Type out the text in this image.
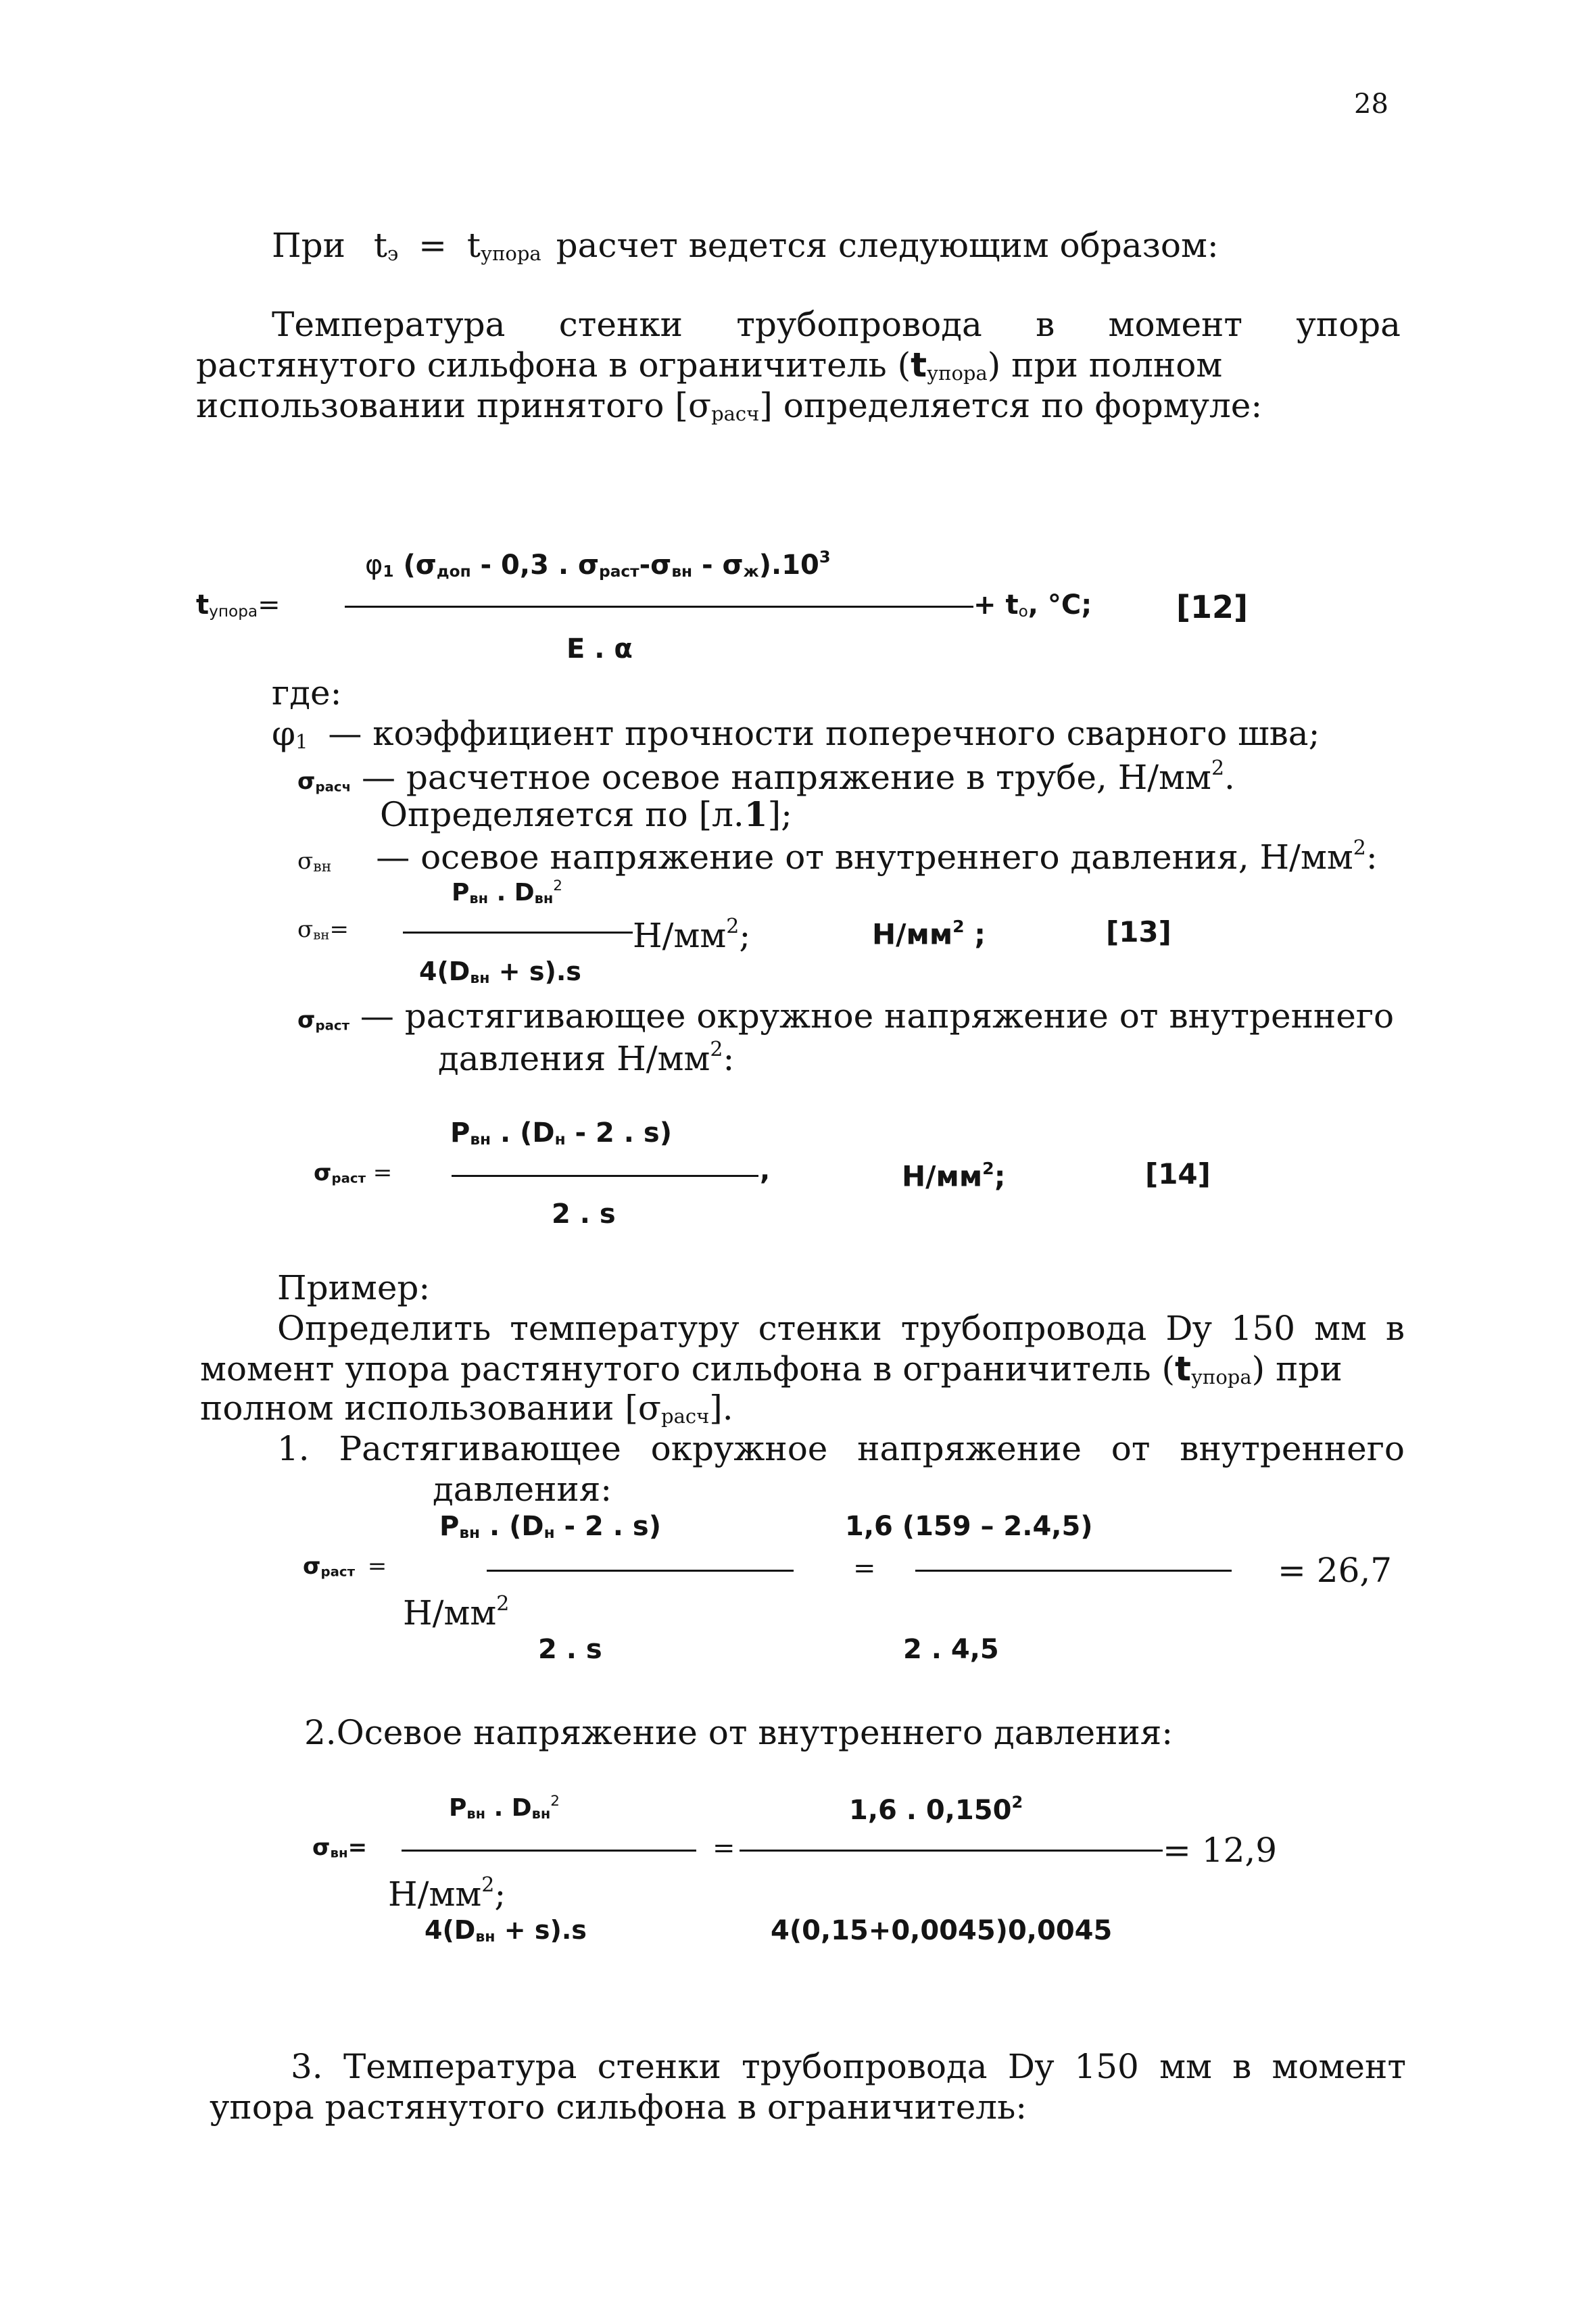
28
При tэ = tупора расчет ведется следующим образом:
Температура стенки трубопровода в момент упора
растянутого сильфона в ограничитель (tупора) при полном
использовании принятого [σрасч] определяется по формуле:
φ1 (σдоп - 0,3 . σраст-σвн - $\sigma ж).10^3$
tупора=	+ tо, °C;	[12]
E . α
где:
φ1 — коэффициент прочности поперечного сварного шва;
σрасч — расчетное осевое напряжение в трубе, $Н/мм^2$.
Определяется по [л.1];
σвн — осевое напряжение от внутреннего давления, $Н/мм^2$:
Pвн . Dвн$^2$
σвн=	$Н/мм^2$;	$Н/мм^2$ ;	[13]
4(Dвн + s).s
σраст — растягивающее окружное напряжение от внутреннего
давления $Н/мм^2$:
Pвн . (Dн - 2 . s)
σраст =	,	$Н/мм^2$;	[14]
2 . s
Пример:
Определить температуру стенки трубопровода Dy 150 мм в
момент упора растянутого сильфона в ограничитель (tупора) при
полном использовании [σрасч].
1. Растягивающее окружное напряжение от внутреннего
давления:
Pвн . (Dн - 2 . s)	1,6 (159 – 2.4,5)
σраст =	=	= 26,7
$Н/мм^2$
2 . s	2 . 4,5
2.Осевое напряжение от внутреннего давления:
Pвн . Dвн$^2$	1,6 . 0,150$^2$
σвн=	=	= 12,9
$Н/мм^2$;
4(Dвн + s).s	4(0,15+0,0045)0,0045
3. Температура стенки трубопровода Dy 150 мм в момент
упора растянутого сильфона в ограничитель:
